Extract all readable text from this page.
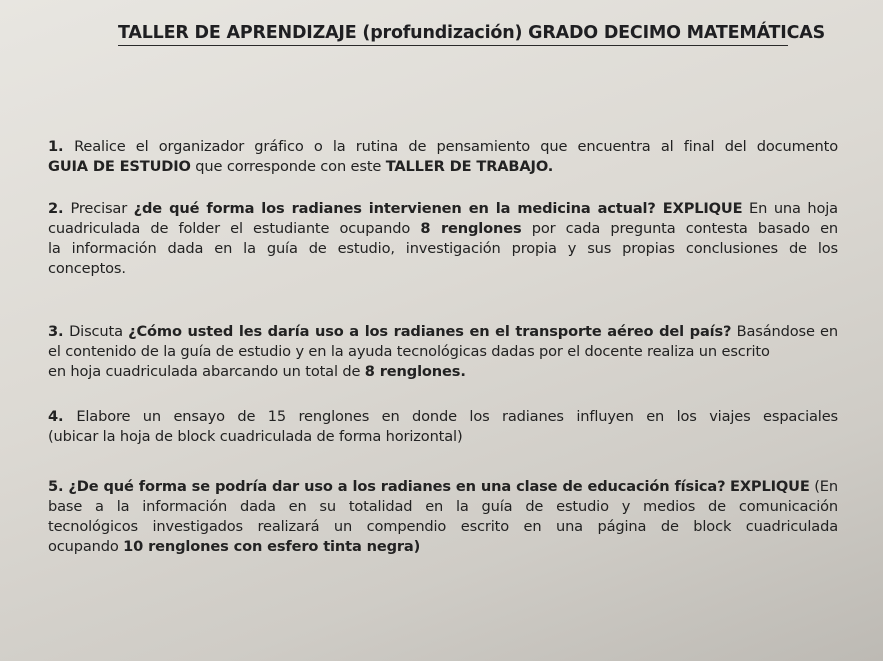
TALLER DE APRENDIZAJE (profundización) GRADO DECIMO MATEMÁTICAS
1. Realice el organizador gráfico o la rutina de pensamiento que encuentra al final del documento
GUIA DE ESTUDIO que corresponde con este TALLER DE TRABAJO.
2. Precisar ¿de qué forma los radianes intervienen en la medicina actual? EXPLIQUE En una hoja
cuadriculada de folder el estudiante ocupando 8 renglones por cada pregunta contesta basado en
la información dada en la guía de estudio, investigación propia y sus propias conclusiones de los
conceptos.
3. Discuta ¿Cómo usted les daría uso a los radianes en el transporte aéreo del país? Basándose en
el contenido de la guía de estudio y en la ayuda tecnológicas dadas por el docente realiza un escrito
en hoja cuadriculada abarcando un total de 8 renglones.
4. Elabore un ensayo de 15 renglones en donde los radianes influyen en los viajes espaciales
(ubicar la hoja de block cuadriculada de forma horizontal)
5. ¿De qué forma se podría dar uso a los radianes en una clase de educación física? EXPLIQUE (En
base a la información dada en su totalidad en la guía de estudio y medios de comunicación
tecnológicos investigados realizará un compendio escrito en una página de block cuadriculada
ocupando 10 renglones con esfero tinta negra)
